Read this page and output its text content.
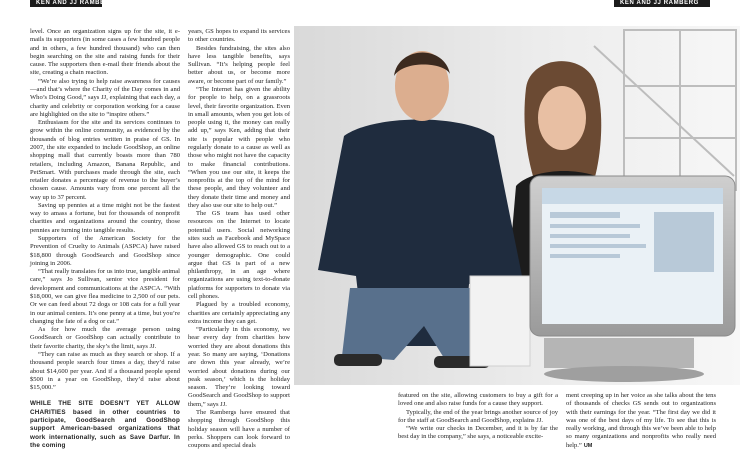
KEN AND JJ RAMBERG	KEN AND JJ RAMBERG

level. Once an organization signs up for the site, it e-mails its supporters (in some cases a few hundred people and in others, a few hundred thousand) who can then begin searching on the site and raising funds for their cause. The supporters then e-mail their friends about the site, creating a chain reaction.

“We’re also trying to help raise awareness for causes—and that’s where the Charity of the Day comes in and Who’s Doing Good,” says JJ, explaining that each day, a charity and celebrity or corporation working for a cause are highlighted on the site to “inspire others.”

Enthusiasm for the site and its services continues to grow within the online community, as evidenced by the thousands of blog entries written in praise of GS. In 2007, the site expanded to include GoodShop, an online shopping mall that currently boasts more than 780 retailers, including Amazon, Banana Republic, and PetSmart. With purchases made through the site, each retailer donates a percentage of revenue to the buyer’s chosen cause. Amounts vary from one percent all the way up to 37 percent.

Saving up pennies at a time might not be the fastest way to amass a fortune, but for thousands of nonprofit charities and organizations around the country, those pennies are turning into tangible results.

Supporters of the American Society for the Prevention of Cruelty to Animals (ASPCA) have raised $18,800 through GoodSearch and GoodShop since joining in 2006.

“That really translates for us into true, tangible animal care,” says Jo Sullivan, senior vice president for development and communications at the ASPCA. “With $18,000, we can give flea medicine to 2,500 of our pets. Or we can feed about 72 dogs or 108 cats for a full year in our animal centers. It’s one penny at a time, but you’re changing the fate of a dog or cat.”

As for how much the average person using GoodSearch or GoodShop can actually contribute to their favorite charity, the sky’s the limit, says JJ.

“They can raise as much as they search or shop. If a thousand people search four times a day, they’d raise about $14,600 per year. And if a thousand people spend $500 in a year on GoodShop, they’d raise about $15,000.”

WHILE THE SITE DOESN’T YET ALLOW CHARITIES based in other countries to participate, GoodSearch and GoodShop support American-based organizations that work internationally, such as Save Darfur. In the coming

years, GS hopes to expand its services to other countries.

Besides fundraising, the sites also have less tangible benefits, says Sullivan. “It’s helping people feel better about us, or become more aware, or become part of our family.”

“The Internet has given the ability for people to help, on a grassroots level, their favorite organization. Even in small amounts, when you get lots of people using it, the money can really add up,” says Ken, adding that their site is popular with people who regularly donate to a cause as well as those who might not have the capacity to make financial contributions. “When you use our site, it keeps the nonprofits at the top of the mind for these people, and they volunteer and they donate their time and money and they also use our site to help out.”

The GS team has used other resources on the Internet to locate potential users. Social networking sites such as Facebook and MySpace have also allowed GS to reach out to a younger demographic. One could argue that GS is part of a new philanthropy, in an age where organizations are using text-to-donate platforms for supporters to donate via cell phones.

Plagued by a troubled economy, charities are certainly appreciating any extra income they can get.

“Particularly in this economy, we hear every day from charities how worried they are about donations this year. So many are saying, ‘Donations are down this year already, we’re worried about donations during our peak season,’ which is the holiday season. They’re looking toward GoodSearch and GoodShop to support them,” says JJ.

The Rambergs have ensured that shopping through GoodShop this holiday season will have a number of perks. Shoppers can look forward to coupons and special deals

featured on the site, allowing customers to buy a gift for a loved one and also raise funds for a cause they support.

Typically, the end of the year brings another source of joy for the staff at GoodSearch and GoodShop, explains JJ.

“We write our checks in December, and it is by far the best day in the company,” she says, a noticeable excite-

ment creeping up in her voice as she talks about the tens of thousands of checks GS sends out to organizations with their earnings for the year. “The first day we did it was one of the best days of my life. To see that this is really working, and through this we’ve been able to help so many organizations and nonprofits who really need help.” UM
